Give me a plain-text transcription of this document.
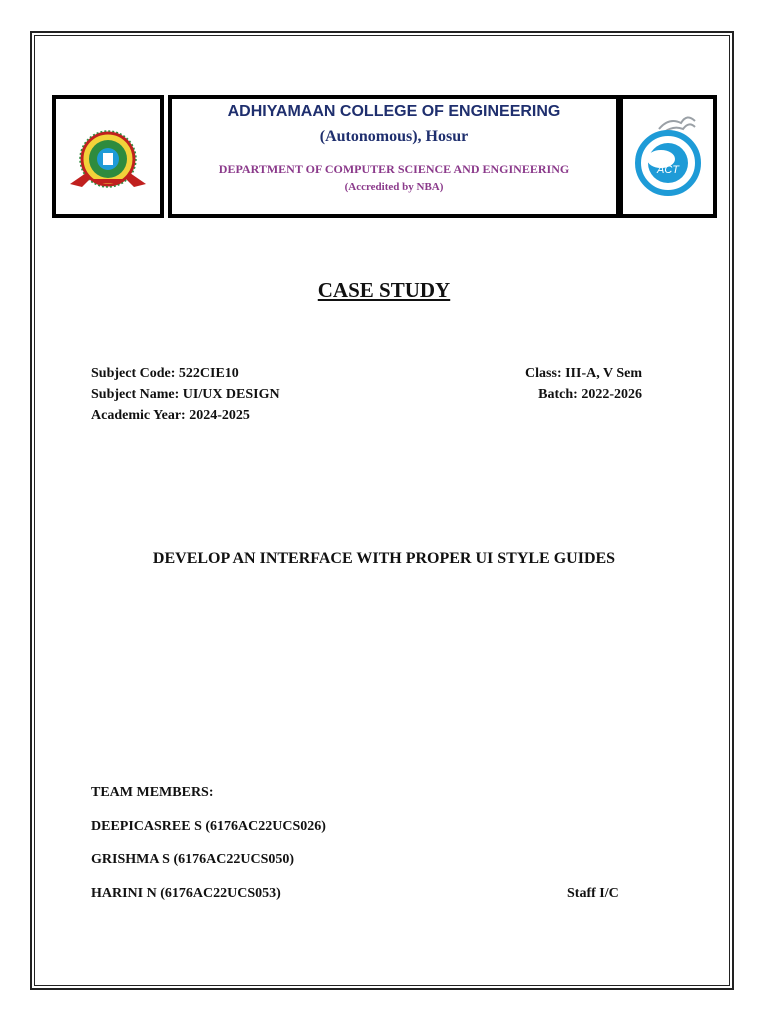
ADHIYAMAAN COLLEGE OF ENGINEERING
(Autonomous), Hosur
DEPARTMENT OF COMPUTER SCIENCE AND ENGINEERING
(Accredited by NBA)
ACT
CASE STUDY
Subject Code: 522CIE10
Subject Name: UI/UX DESIGN
Academic Year: 2024-2025
Class: III-A, V Sem
Batch: 2022-2026
DEVELOP AN INTERFACE WITH PROPER UI STYLE GUIDES
TEAM MEMBERS:
DEEPICASREE S (6176AC22UCS026)
GRISHMA S (6176AC22UCS050)
HARINI N (6176AC22UCS053)	Staff I/C
